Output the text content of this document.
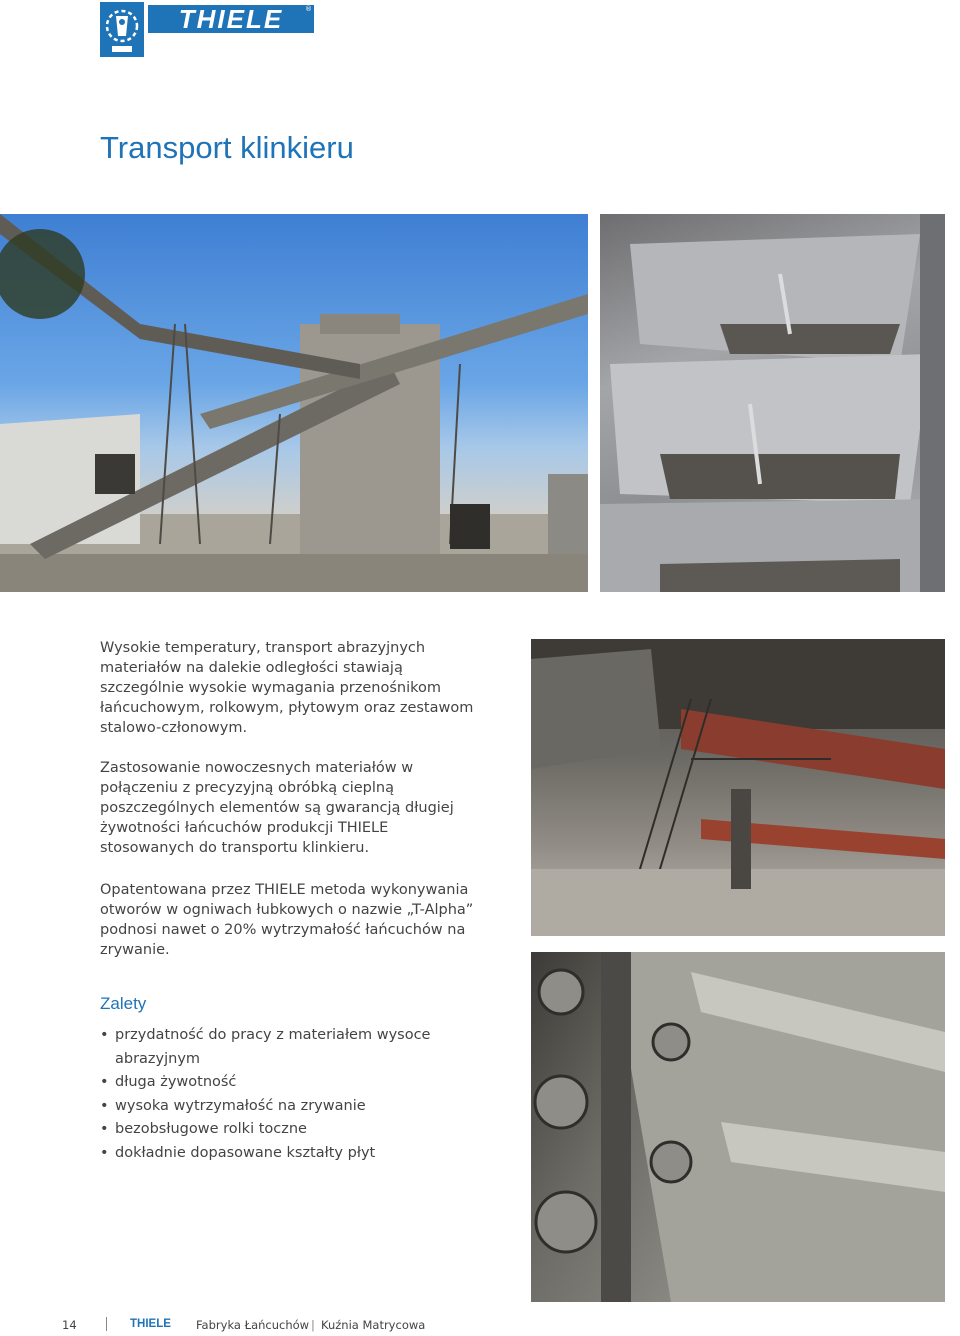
THIELE	®
Transport klinkieru

Wysokie temperatury, transport abrazyjnych materiałów na dalekie odległości stawiają szczególnie wysokie wymagania przenośnikom łańcuchowym, rolkowym, płytowym oraz zestawom stalowo-członowym.

Zastosowanie nowoczesnych materiałów w połączeniu z precyzyjną obróbką cieplną poszczególnych elementów są gwarancją długiej żywotności łańcuchów produkcji THIELE stosowanych do transportu klinkieru.

Opatentowana przez THIELE metoda wykonywania otworów w ogniwach łubkowych o nazwie „T-Alpha” podnosi nawet o 20% wytrzymałość łańcuchów na zrywanie.

Zalety
• przydatność do pracy z materiałem wysoce abrazyjnym
• długa żywotność
• wysoka wytrzymałość na zrywanie
• bezobsługowe rolki toczne
• dokładnie dopasowane kształty płyt
14	THIELE Fabryka Łańcuchów | Kuźnia Matrycowa
